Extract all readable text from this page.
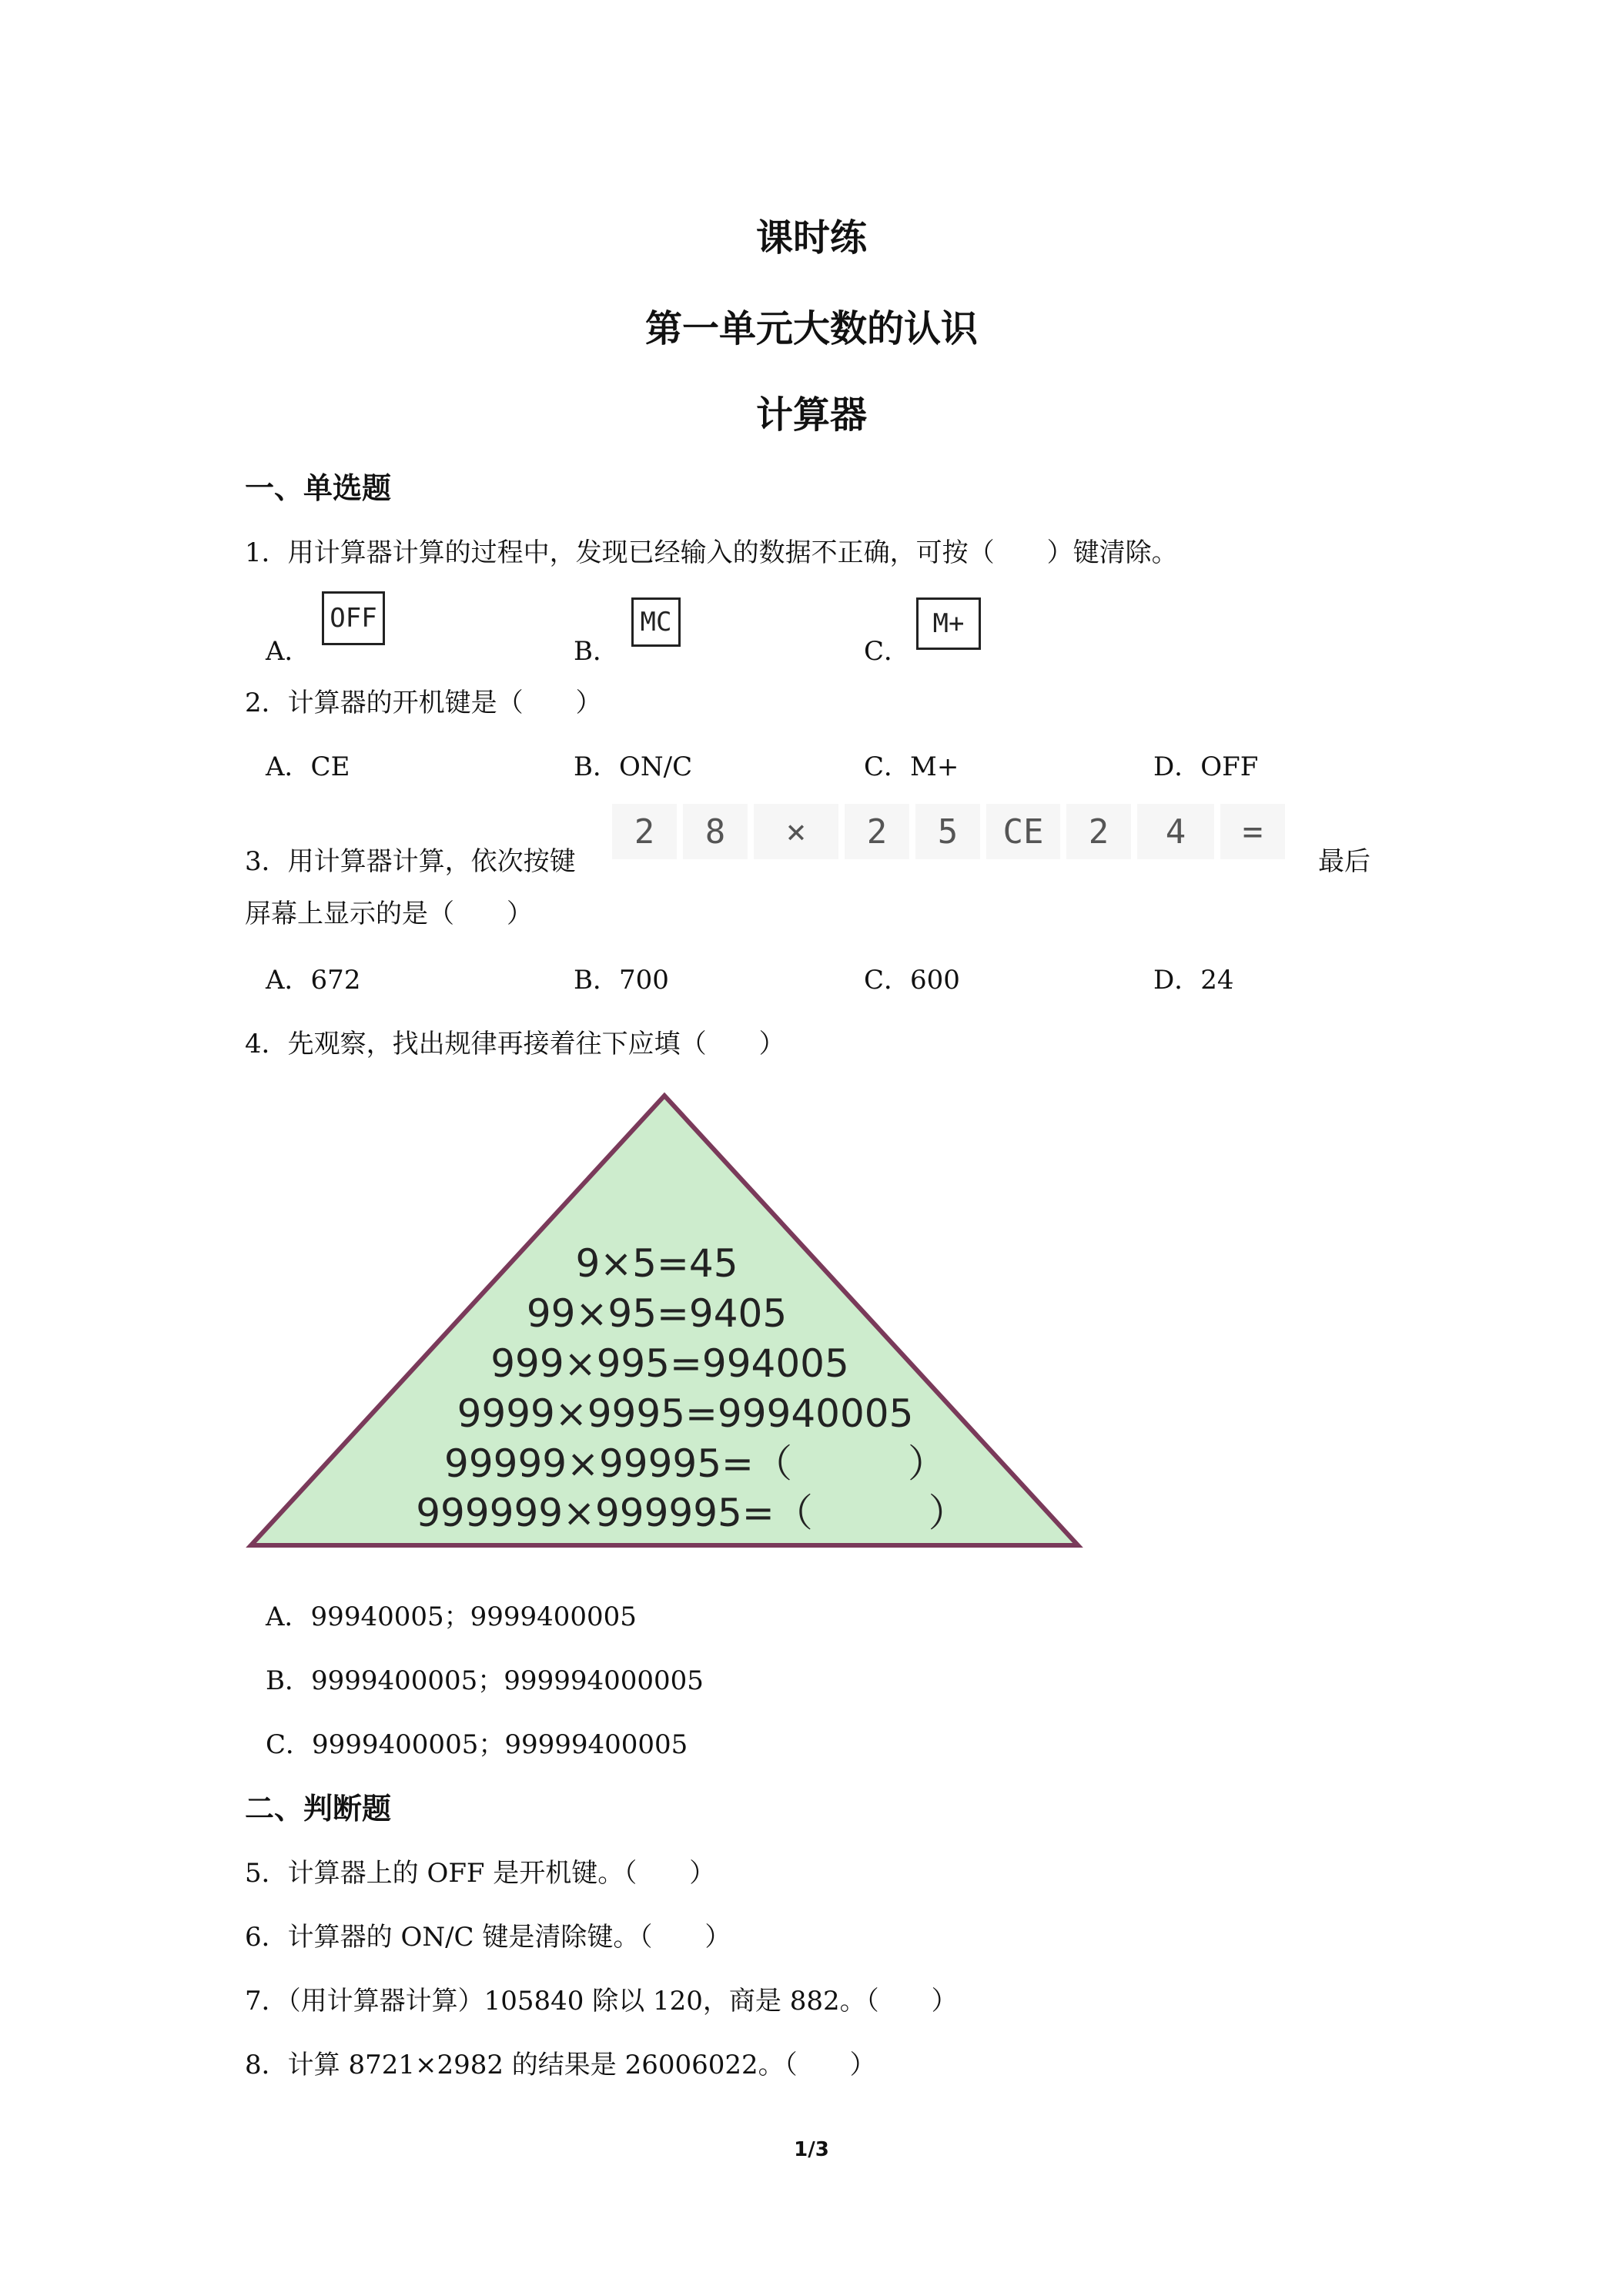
课时练
第一单元大数的认识
计算器
一、单选题
1．用计算器计算的过程中，发现已经输入的数据不正确，可按（　　）键清除。
A．
OFF
B．
MC
C．
M+
2．计算器的开机键是（　　）
A．CE	B．ON/C	C．M+	D．OFF
3．用计算器计算，依次按键
2	8	×	2	5	CE	2	4	=
最后
屏幕上显示的是（　　）
A．672	B．700	C．600	D．24
4．先观察，找出规律再接着往下应填（　　）
9×5=45
99×95=9405
999×995=994005
9999×9995=99940005
99999×99995=（　　　）
999999×999995=（　　　）
A．99940005；9999400005
B．9999400005；999994000005
C．9999400005；99999400005
二、判断题
5．计算器上的 OFF 是开机键。（　　）
6．计算器的 ON/C 键是清除键。（　　）
7．（用计算器计算）105840 除以 120，商是 882。（　　）
8．计算 8721×2982 的结果是 26006022。（　　）
1/3
